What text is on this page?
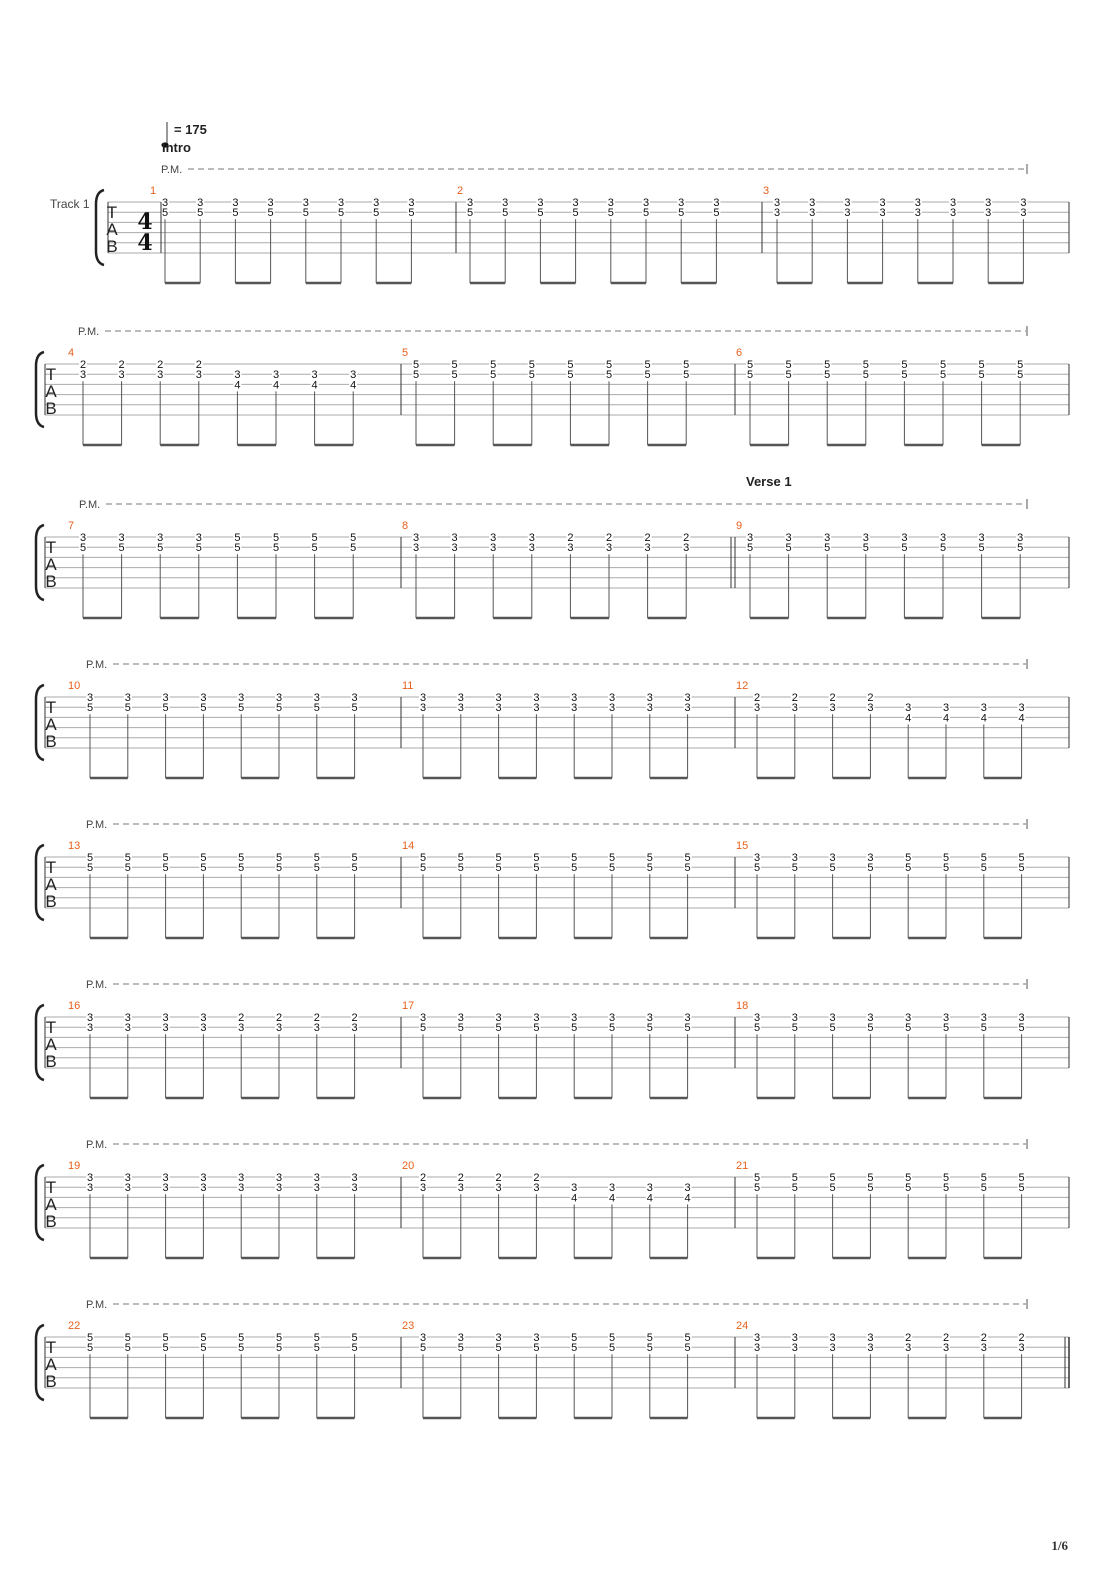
= 175
Intro
Track 1
P.M.
T
A
B
4
4
1
3
5
3
5
3
5
3
5
3
5
3
5
3
5
3
5
2
3
5
3
5
3
5
3
5
3
5
3
5
3
5
3
5
3
3
3
3
3
3
3
3
3
3
3
3
3
3
3
3
3
P.M.
T
A
B
4
2
3
2
3
2
3
2
3	3
4
3
4
3
4
3
4
5
5
5
5
5
5
5
5
5
5
5
5
5
5
5
5
5
6
5
5
5
5
5
5
5
5
5
5
5
5
5
5
5
5
P.M.
T
A
B
Verse 1
7
3
5
3
5
3
5
3
5
5
5
5
5
5
5
5
5
8
3
3
3
3
3
3
3
3
2
3
2
3
2
3
2
3
9
3
5
3
5
3
5
3
5
3
5
3
5
3
5
3
5
P.M.
T
A
B
10
3
5
3
5
3
5
3
5
3
5
3
5
3
5
3
5
11
3
3
3
3
3
3
3
3
3
3
3
3
3
3
3
3
12
2
3
2
3
2
3
2
3	3
4
3
4
3
4
3
4
P.M.
T
A
B
13
5
5
5
5
5
5
5
5
5
5
5
5
5
5
5
5
14
5
5
5
5
5
5
5
5
5
5
5
5
5
5
5
5
15
3
5
3
5
3
5
3
5
5
5
5
5
5
5
5
5
P.M.
T
A
B
16
3
3
3
3
3
3
3
3
2
3
2
3
2
3
2
3
17
3
5
3
5
3
5
3
5
3
5
3
5
3
5
3
5
18
3
5
3
5
3
5
3
5
3
5
3
5
3
5
3
5
P.M.
T
A
B
19
3
3
3
3
3
3
3
3
3
3
3
3
3
3
3
3
20
2
3
2
3
2
3
2
3	3
4
3
4
3
4
3
4
21
5
5
5
5
5
5
5
5
5
5
5
5
5
5
5
5
P.M.
T
A
B
22
5
5
5
5
5
5
5
5
5
5
5
5
5
5
5
5
23
3
5
3
5
3
5
3
5
5
5
5
5
5
5
5
5
24
3
3
3
3
3
3
3
3
2
3
2
3
2
3
2
3
1/6
